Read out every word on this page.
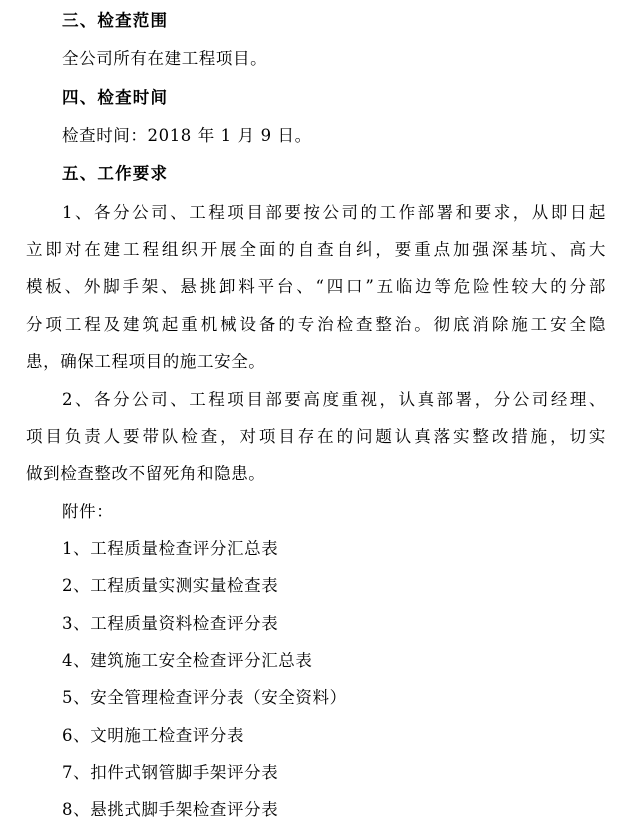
三、检查范围
全公司所有在建工程项目。
四、检查时间
检查时间：2018 年 1 月 9 日。
五、工作要求
1、各分公司、工程项目部要按公司的工作部署和要求，从即日起
立即对在建工程组织开展全面的自查自纠，要重点加强深基坑、高大
模板、外脚手架、悬挑卸料平台、“四口”五临边等危险性较大的分部
分项工程及建筑起重机械设备的专治检查整治。彻底消除施工安全隐
患，确保工程项目的施工安全。
2、各分公司、工程项目部要高度重视，认真部署，分公司经理、
项目负责人要带队检查，对项目存在的问题认真落实整改措施，切实
做到检查整改不留死角和隐患。
附件：
1、工程质量检查评分汇总表
2、工程质量实测实量检查表
3、工程质量资料检查评分表
4、建筑施工安全检查评分汇总表
5、安全管理检查评分表（安全资料）
6、文明施工检查评分表
7、扣件式钢管脚手架评分表
8、悬挑式脚手架检查评分表
